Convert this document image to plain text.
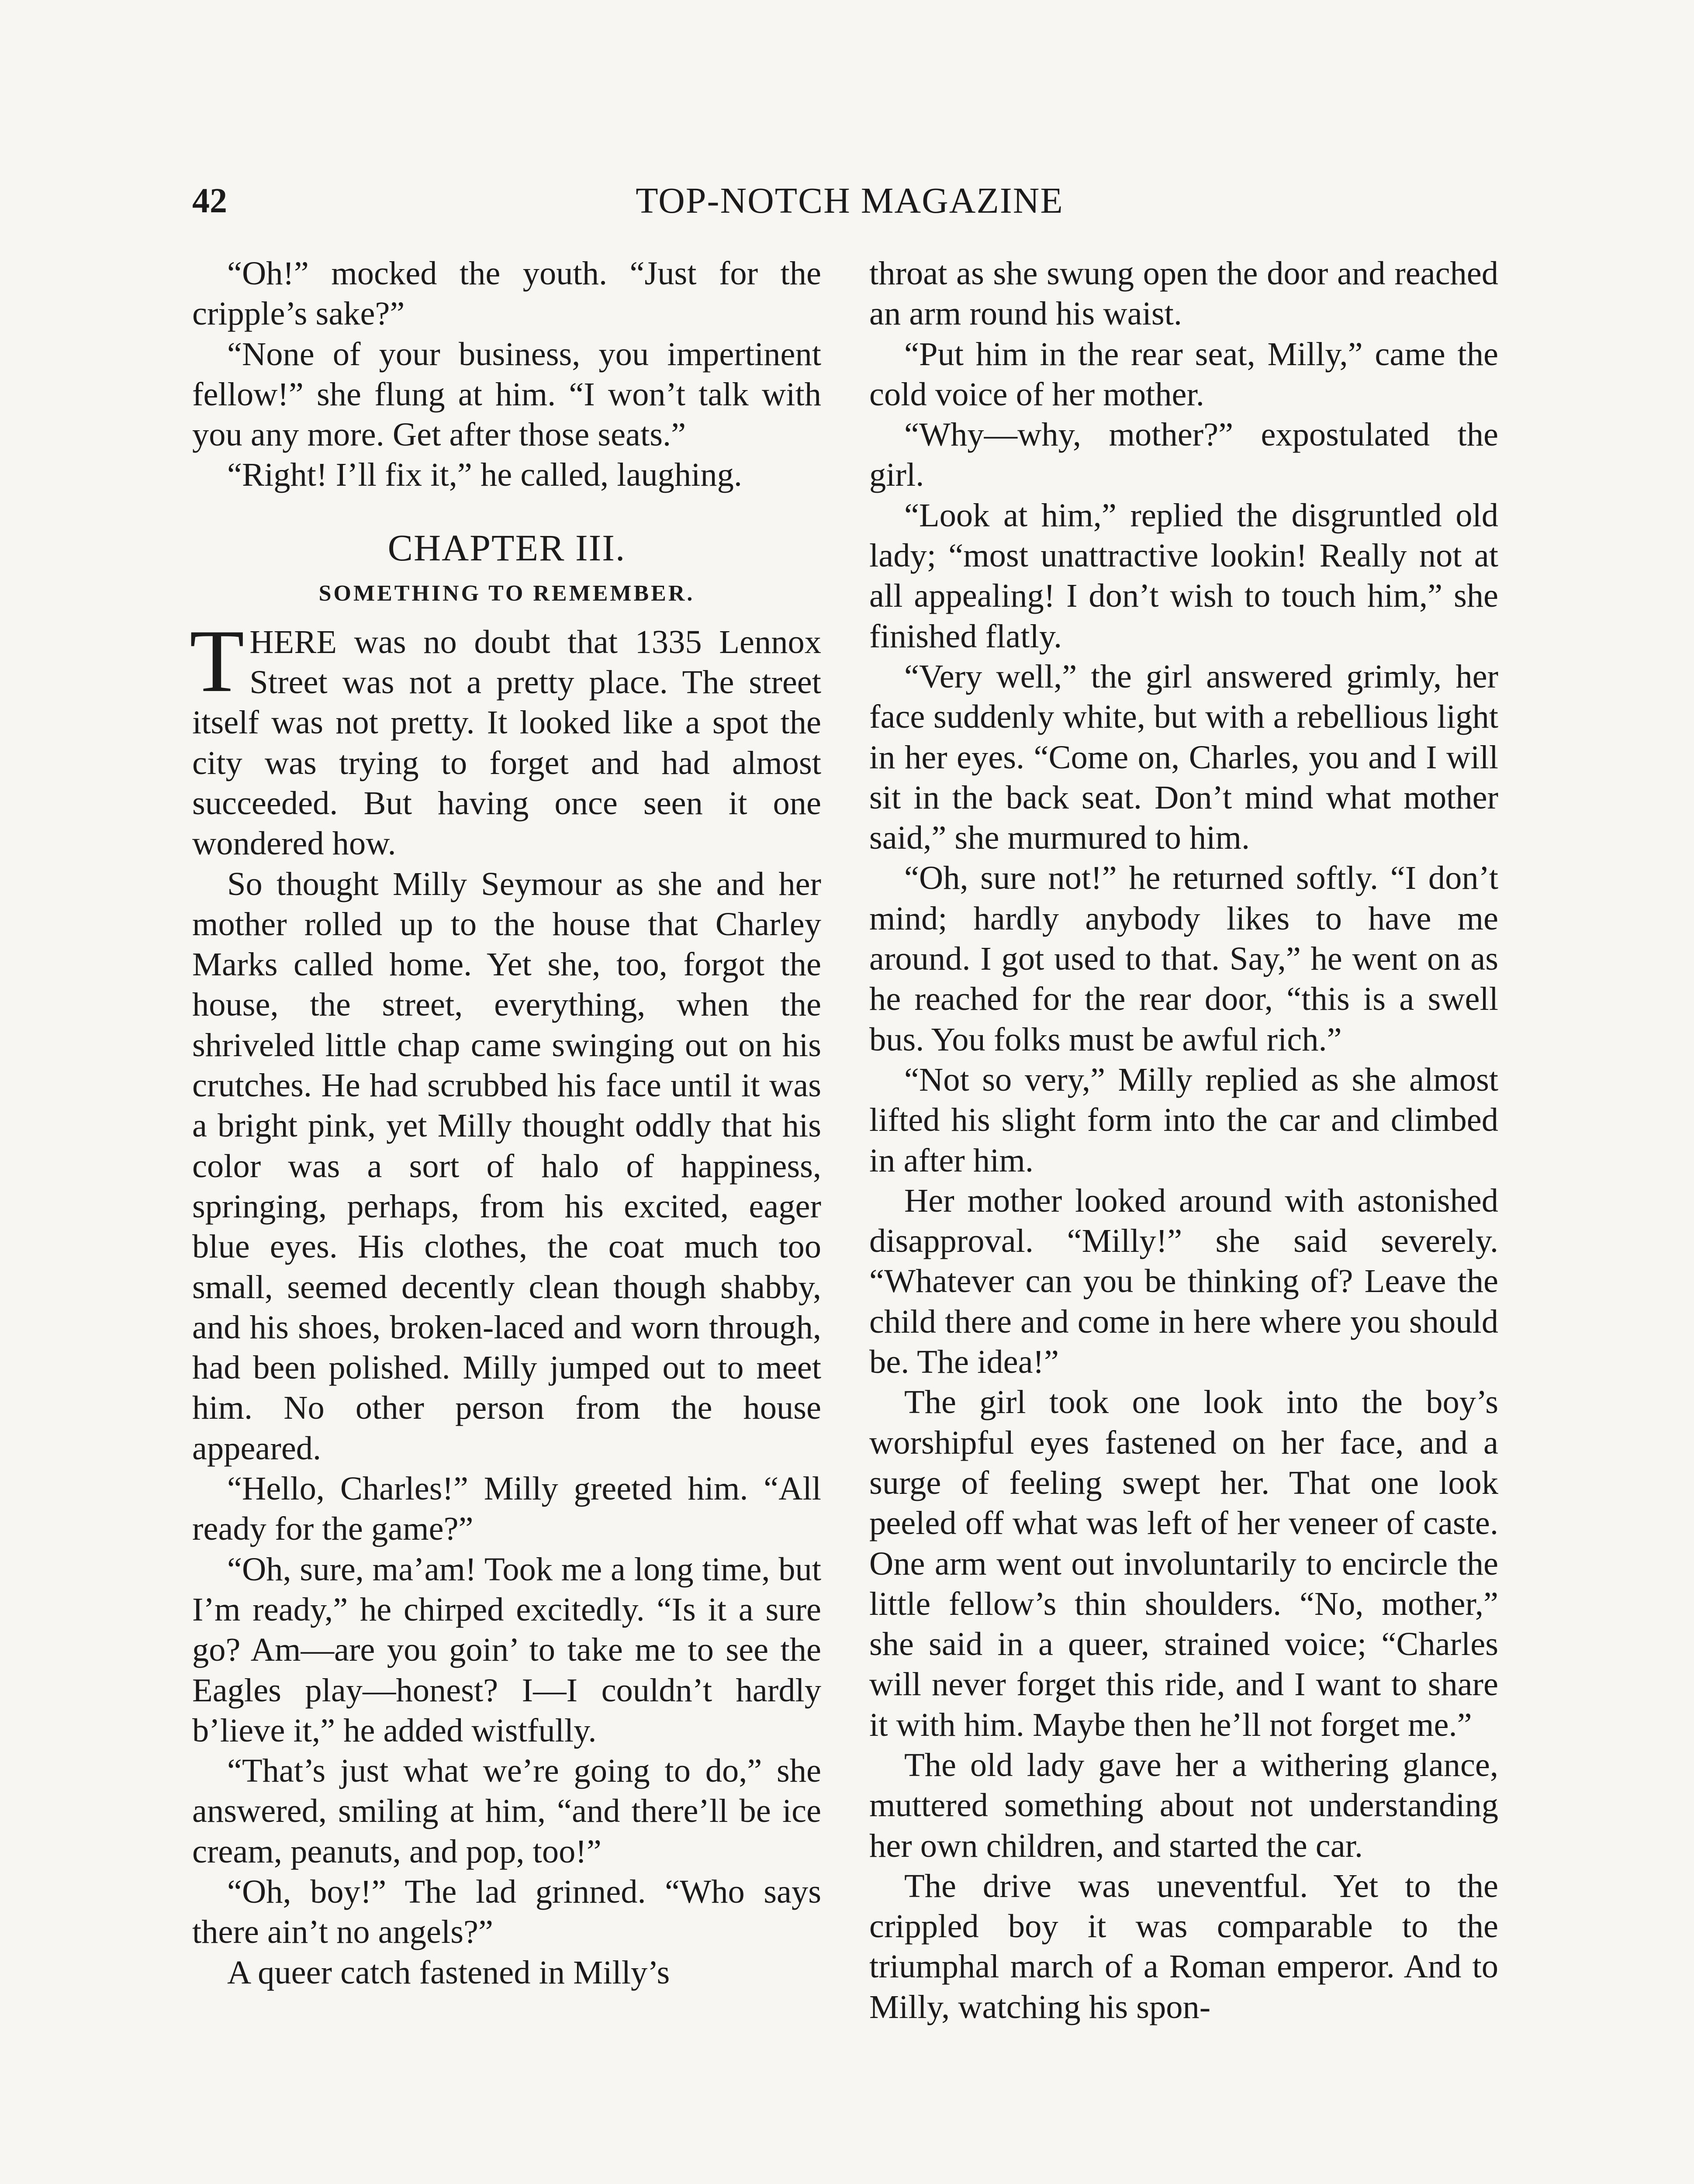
42	TOP-NOTCH MAGAZINE

“Oh!” mocked the youth. “Just for the cripple’s sake?”

“None of your business, you impertinent fellow!” she flung at him. “I won’t talk with you any more. Get after those seats.”

“Right! I’ll fix it,” he called, laughing.

CHAPTER III.
SOMETHING TO REMEMBER.

THERE was no doubt that 1335 Lennox Street was not a pretty place. The street itself was not pretty. It looked like a spot the city was trying to forget and had almost succeeded. But having once seen it one wondered how.

So thought Milly Seymour as she and her mother rolled up to the house that Charley Marks called home. Yet she, too, forgot the house, the street, everything, when the shriveled little chap came swinging out on his crutches. He had scrubbed his face until it was a bright pink, yet Milly thought oddly that his color was a sort of halo of happiness, springing, perhaps, from his excited, eager blue eyes. His clothes, the coat much too small, seemed decently clean though shabby, and his shoes, broken-laced and worn through, had been polished. Milly jumped out to meet him. No other person from the house appeared.

“Hello, Charles!” Milly greeted him. “All ready for the game?”

“Oh, sure, ma’am! Took me a long time, but I’m ready,” he chirped excitedly. “Is it a sure go? Am—are you goin’ to take me to see the Eagles play—honest? I—I couldn’t hardly b’lieve it,” he added wistfully.

“That’s just what we’re going to do,” she answered, smiling at him, “and there’ll be ice cream, peanuts, and pop, too!”

“Oh, boy!” The lad grinned. “Who says there ain’t no angels?”

A queer catch fastened in Milly’s

throat as she swung open the door and reached an arm round his waist.

“Put him in the rear seat, Milly,” came the cold voice of her mother.

“Why—why, mother?” expostulated the girl.

“Look at him,” replied the disgruntled old lady; “most unattractive lookin! Really not at all appealing! I don’t wish to touch him,” she finished flatly.

“Very well,” the girl answered grimly, her face suddenly white, but with a rebellious light in her eyes. “Come on, Charles, you and I will sit in the back seat. Don’t mind what mother said,” she murmured to him.

“Oh, sure not!” he returned softly. “I don’t mind; hardly anybody likes to have me around. I got used to that. Say,” he went on as he reached for the rear door, “this is a swell bus. You folks must be awful rich.”

“Not so very,” Milly replied as she almost lifted his slight form into the car and climbed in after him.

Her mother looked around with astonished disapproval. “Milly!” she said severely. “Whatever can you be thinking of? Leave the child there and come in here where you should be. The idea!”

The girl took one look into the boy’s worshipful eyes fastened on her face, and a surge of feeling swept her. That one look peeled off what was left of her veneer of caste. One arm went out involuntarily to encircle the little fellow’s thin shoulders. “No, mother,” she said in a queer, strained voice; “Charles will never forget this ride, and I want to share it with him. Maybe then he’ll not forget me.”

The old lady gave her a withering glance, muttered something about not understanding her own children, and started the car.

The drive was uneventful. Yet to the crippled boy it was comparable to the triumphal march of a Roman emperor. And to Milly, watching his spon-
